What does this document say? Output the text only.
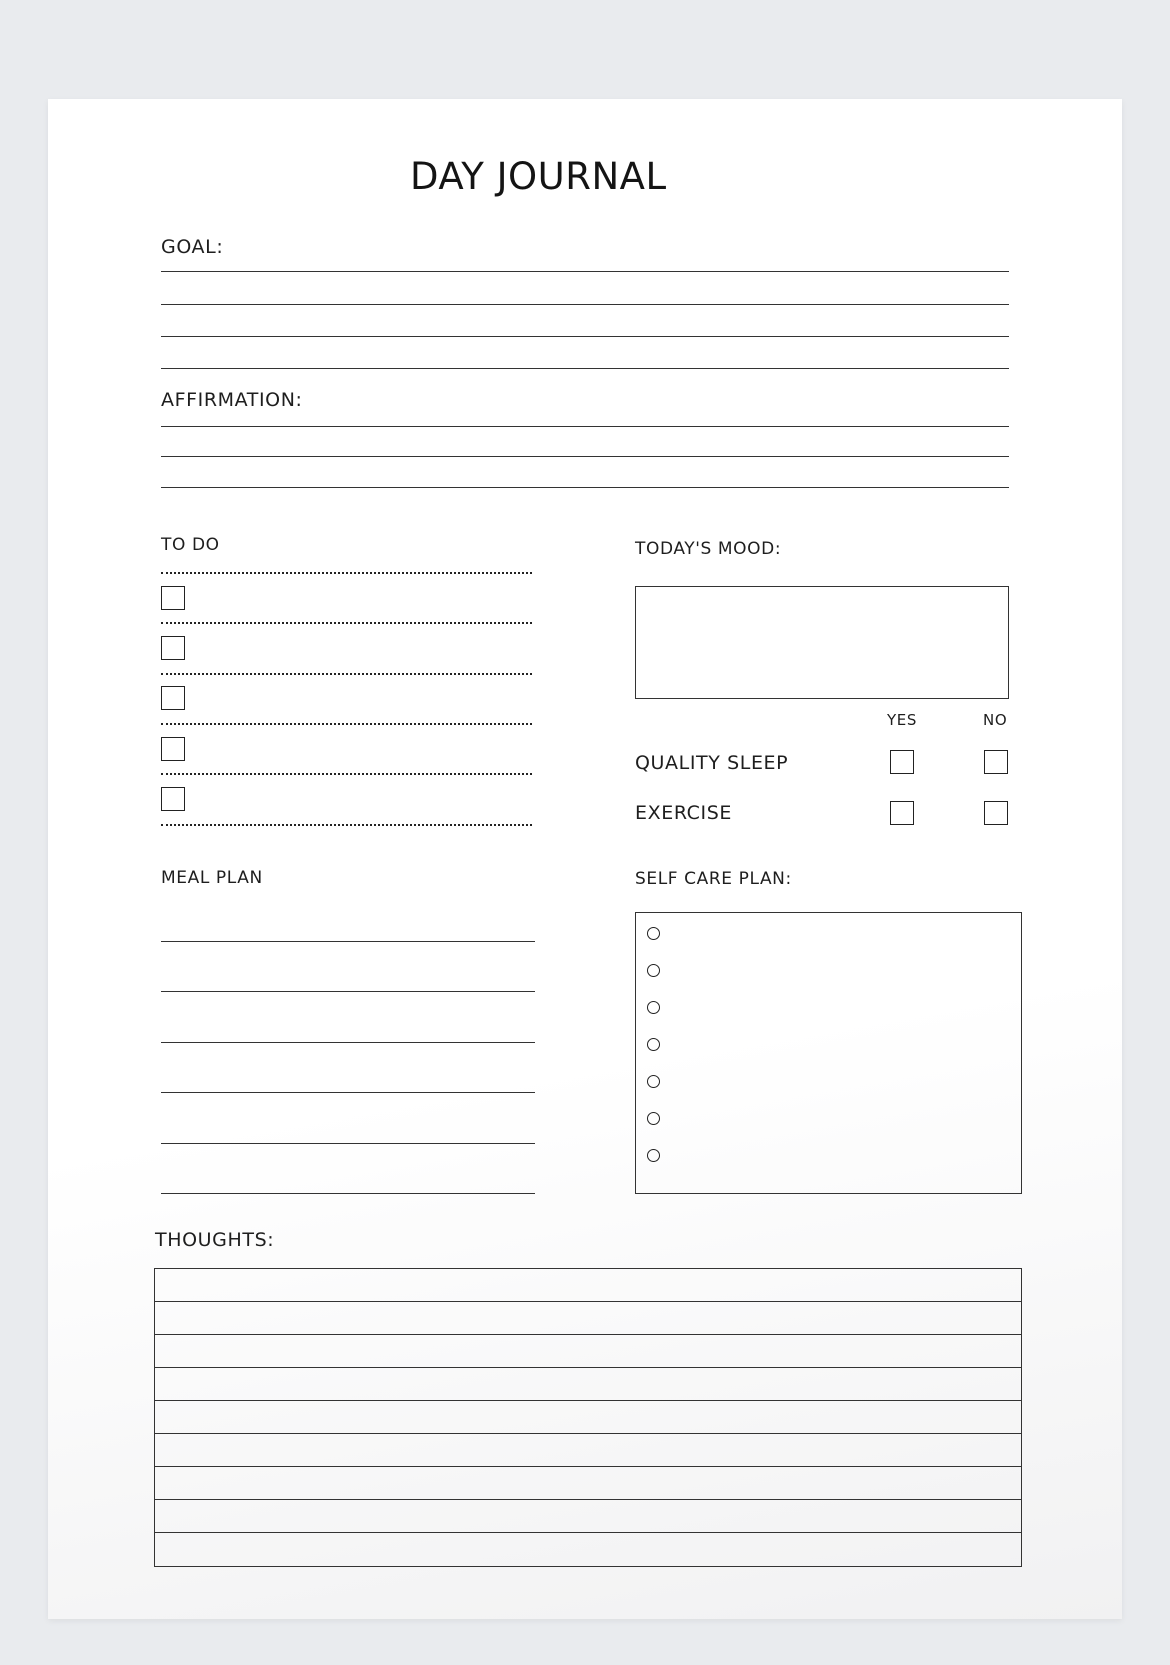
DAY JOURNAL
GOAL:
AFFIRMATION:
TO DO	TODAY'S MOOD:
YES	NO
QUALITY SLEEP
EXERCISE
MEAL PLAN	SELF CARE PLAN:
THOUGHTS:
